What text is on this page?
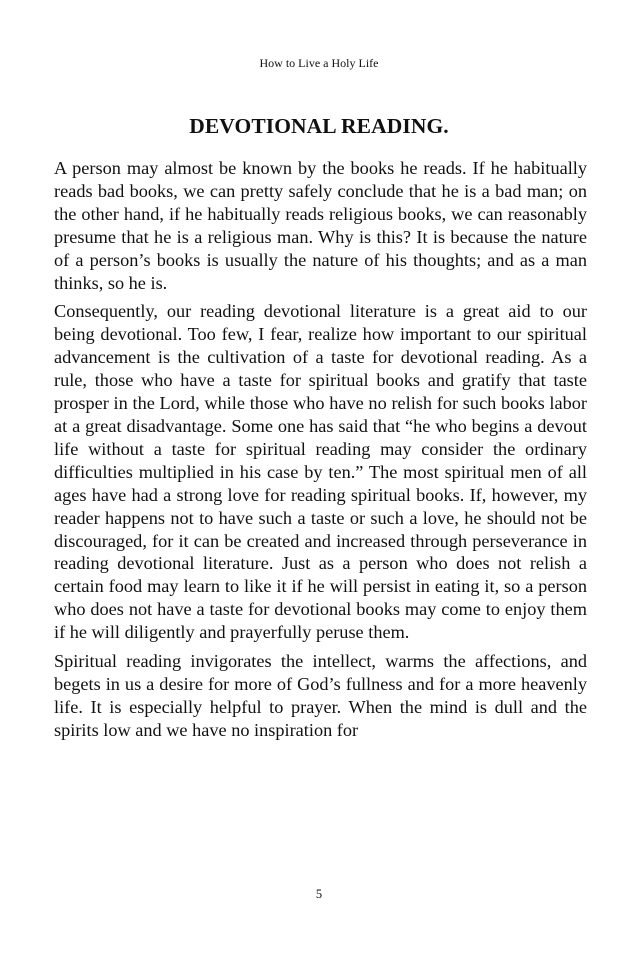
How to Live a Holy Life
DEVOTIONAL READING.

A person may almost be known by the books he reads. If he habitually reads bad books, we can pretty safely conclude that he is a bad man; on the other hand, if he habitually reads religious books, we can reasonably presume that he is a religious man. Why is this? It is because the nature of a person’s books is usually the nature of his thoughts; and as a man thinks, so he is.

Consequently, our reading devotional literature is a great aid to our being devotional. Too few, I fear, realize how important to our spiritual advancement is the cultivation of a taste for devotional reading. As a rule, those who have a taste for spiritual books and gratify that taste prosper in the Lord, while those who have no relish for such books labor at a great disadvantage. Some one has said that “he who begins a devout life without a taste for spiritual reading may consider the ordinary difficulties multiplied in his case by ten.” The most spiritual men of all ages have had a strong love for reading spiritual books. If, however, my reader happens not to have such a taste or such a love, he should not be discouraged, for it can be created and increased through perseverance in reading devotional literature. Just as a person who does not relish a certain food may learn to like it if he will persist in eating it, so a person who does not have a taste for devotional books may come to enjoy them if he will diligently and prayerfully peruse them.

Spiritual reading invigorates the intellect, warms the affections, and begets in us a desire for more of God’s fullness and for a more heavenly life. It is especially helpful to prayer. When the mind is dull and the spirits low and we have no inspiration for

5
